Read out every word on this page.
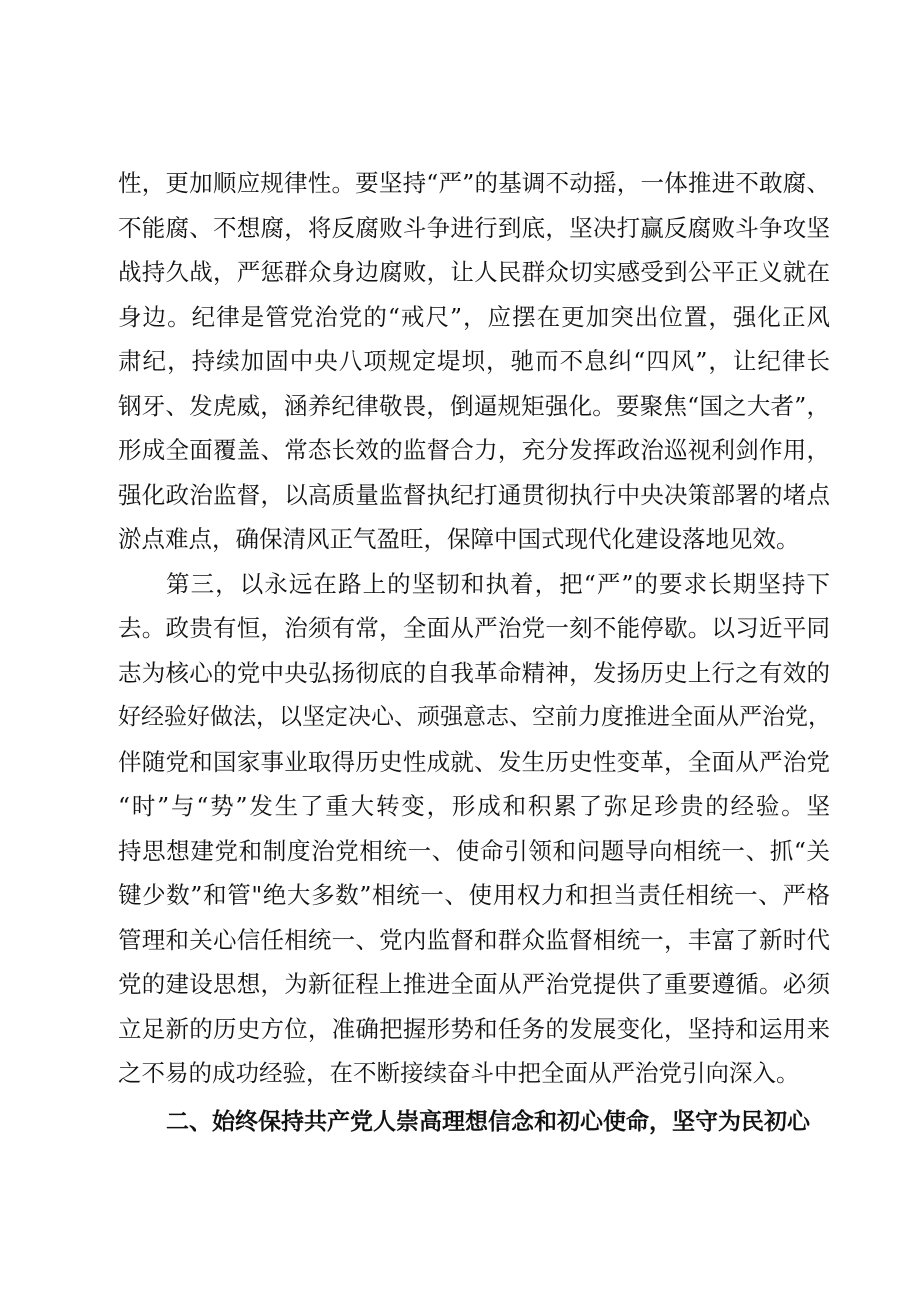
性，更加顺应规律性。要坚持“严”的基调不动摇，一体推进不敢腐、
不能腐、不想腐，将反腐败斗争进行到底，坚决打赢反腐败斗争攻坚
战持久战，严惩群众身边腐败，让人民群众切实感受到公平正义就在
身边。纪律是管党治党的“戒尺”，应摆在更加突出位置，强化正风
肃纪，持续加固中央八项规定堤坝，驰而不息纠“四风”，让纪律长
钢牙、发虎威，涵养纪律敬畏，倒逼规矩强化。要聚焦“国之大者”，
形成全面覆盖、常态长效的监督合力，充分发挥政治巡视利剑作用，
强化政治监督，以高质量监督执纪打通贯彻执行中央决策部署的堵点
淤点难点，确保清风正气盈旺，保障中国式现代化建设落地见效。
第三，以永远在路上的坚韧和执着，把“严”的要求长期坚持下
去。政贵有恒，治须有常，全面从严治党一刻不能停歇。以习近平同
志为核心的党中央弘扬彻底的自我革命精神，发扬历史上行之有效的
好经验好做法，以坚定决心、顽强意志、空前力度推进全面从严治党，
伴随党和国家事业取得历史性成就、发生历史性变革，全面从严治党
“时”与“势”发生了重大转变，形成和积累了弥足珍贵的经验。坚
持思想建党和制度治党相统一、使命引领和问题导向相统一、抓“关
键少数”和管"绝大多数”相统一、使用权力和担当责任相统一、严格
管理和关心信任相统一、党内监督和群众监督相统一，丰富了新时代
党的建设思想，为新征程上推进全面从严治党提供了重要遵循。必须
立足新的历史方位，准确把握形势和任务的发展变化，坚持和运用来
之不易的成功经验，在不断接续奋斗中把全面从严治党引向深入。
二、始终保持共产党人崇高理想信念和初心使命，坚守为民初心
